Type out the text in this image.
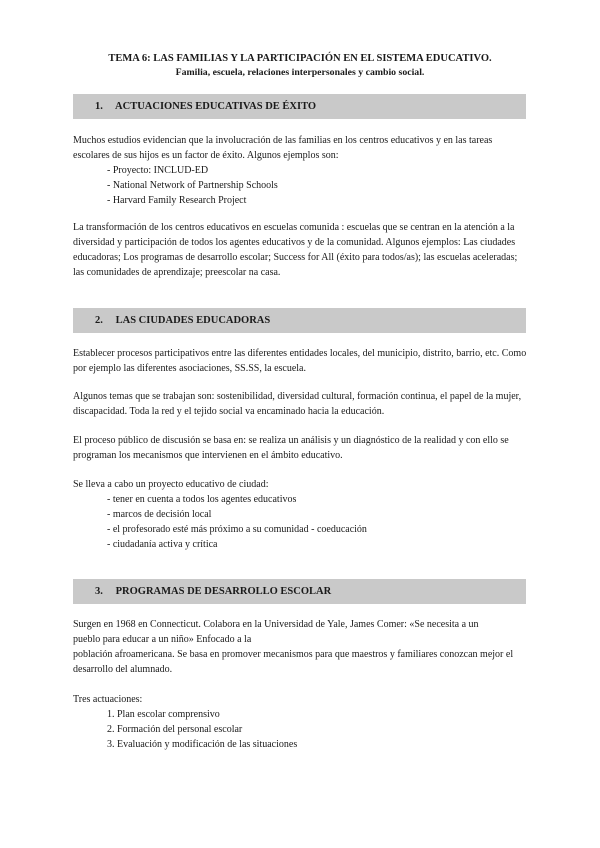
TEMA 6: LAS FAMILIAS Y LA PARTICIPACIÓN EN EL SISTEMA EDUCATIVO.
Familia, escuela, relaciones interpersonales y cambio social.
1. ACTUACIONES EDUCATIVAS DE ÉXITO

Muchos estudios evidencian que la involucración de las familias en los centros educativos y en las tareas escolares de sus hijos es un factor de éxito. Algunos ejemplos son:

- Proyecto: INCLUD-ED
- National Network of Partnership Schools
- Harvard Family Research Project

La transformación de los centros educativos en escuelas comunida : escuelas que se centran en la atención a la diversidad y participación de todos los agentes educativos y de la comunidad. Algunos ejemplos: Las ciudades educadoras; Los programas de desarrollo escolar; Success for All (éxito para todos/as); las escuelas aceleradas; las comunidades de aprendizaje; preescolar na casa.

2. LAS CIUDADES EDUCADORAS

Establecer procesos participativos entre las diferentes entidades locales, del municipio, distrito, barrio, etc. Como por ejemplo las diferentes asociaciones, SS.SS, la escuela.

Algunos temas que se trabajan son: sostenibilidad, diversidad cultural, formación continua, el papel de la mujer, discapacidad. Toda la red y el tejido social va encaminado hacia la educación.

El proceso público de discusión se basa en: se realiza un análisis y un diagnóstico de la realidad y con ello se programan los mecanismos que intervienen en el ámbito educativo.

Se lleva a cabo un proyecto educativo de ciudad:

- tener en cuenta a todos los agentes educativos
- marcos de decisión local
- el profesorado esté más próximo a su comunidad - coeducación
- ciudadanía activa y crítica
3. PROGRAMAS DE DESARROLLO ESCOLAR

Surgen en 1968 en Connecticut. Colabora en la Universidad de Yale, James Comer: «Se necesita a un

pueblo para educar a un niño» Enfocado a la

población afroamericana. Se basa en promover mecanismos para que maestros y familiares conozcan mejor el desarrollo del alumnado.

Tres actuaciones:

1. Plan escolar comprensivo
2. Formación del personal escolar
3. Evaluación y modificación de las situaciones
